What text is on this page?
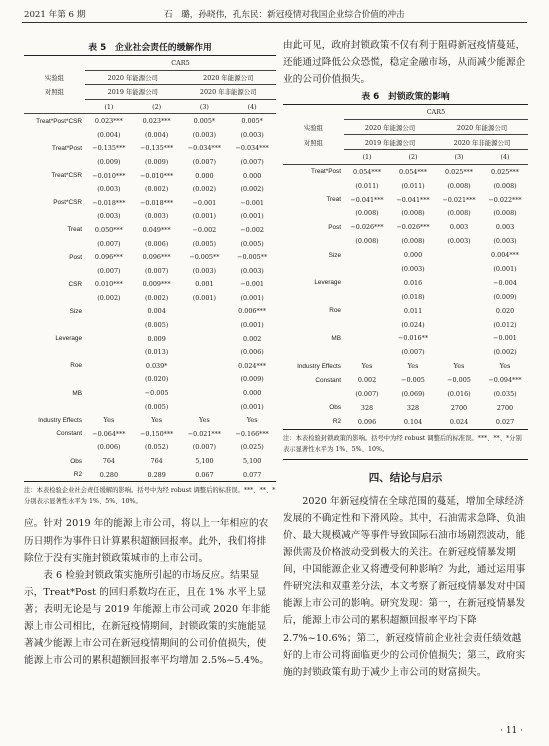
2021 年第 6 期	石　璐，孙晓伟，孔东民：新冠疫情对我国企业综合价值的冲击
表 5　企业社会责任的缓解作用
	CAR5			
实验组	2020 年能源公司		2020 年能源公司	
对照组	2019 年能源公司		2020 年非能源公司	
	(1)	(2)	(3)	(4)
Treat*Post*CSR	0.023***	0.023***	0.005*	0.005*
	(0.004)	(0.004)	(0.003)	(0.003)
Treat*Post	−0.135***	−0.135***	−0.034***	−0.034***
	(0.009)	(0.009)	(0.007)	(0.007)
Treat*CSR	−0.010***	−0.010***	0.000	0.000
	(0.003)	(0.002)	(0.002)	(0.002)
Post*CSR	−0.018***	−0.018***	−0.001	−0.001
	(0.003)	(0.003)	(0.001)	(0.001)
Treat	0.050***	0.049***	−0.002	−0.002
	(0.007)	(0.006)	(0.005)	(0.005)
Post	0.096***	0.096***	−0.005**	−0.005**
	(0.007)	(0.007)	(0.003)	(0.003)
CSR	0.010***	0.009***	0.001	−0.001
	(0.002)	(0.002)	(0.001)	(0.001)
Size		0.004		0.006***
		(0.005)		(0.001)
Leverage		0.009		0.002
		(0.013)		(0.006)
Roe		0.039*		0.024***
		(0.020)		(0.009)
MB		−0.005		0.000
		(0.005)		(0.001)
Industry Effects	Yes	Yes	Yes	Yes
Constant	−0.064***	−0.150***	−0.021***	−0.166***
	(0.006)	(0.052)	(0.007)	(0.025)
Obs	764	764	5,100	5,100
R2	0.280	0.289	0.067	0.077
注：本表检验企业社会责任缓解的影响。括号中为经 robust 调整后的标准误。***、**、*分别表示显著性水平为 1%、5%、10%。
应。针对 2019 年的能源上市公司，将以上一年相应的农历日期作为事件日计算累积超额回报率。此外，我们将排除位于没有实施封锁政策城市的上市公司。
表 6 检验封锁政策实施所引起的市场反应。结果显示，Treat*Post 的回归系数均在正，且在 1% 水平上显著；表明无论是与 2019 年能源上市公司或 2020 年非能源上市公司相比，在新冠疫情期间，封锁政策的实施能显著减少能源上市公司在新冠疫情期间的公司价值损失，使能源上市公司的累积超额回报率平均增加 2.5%~5.4%。
由此可见，政府封锁政策不仅有利于阻碍新冠疫情蔓延，还能通过降低公众恐慌，稳定金融市场，从而减少能源企业的公司价值损失。
表 6　封锁政策的影响
	CAR5			
实验组	2020 年能源公司		2020 年能源公司	
对照组	2019 年能源公司		2020 年非能源公司	
	(1)	(2)	(3)	(4)
Treat*Post	0.054***	0.054***	0.025***	0.025***
	(0.011)	(0.011)	(0.008)	(0.008)
Treat	−0.041***	−0.041***	−0.021***	−0.022***
	(0.008)	(0.008)	(0.008)	(0.008)
Post	−0.026***	−0.026***	0.003	0.003
	(0.008)	(0.008)	(0.003)	(0.003)
Size		0.000		0.004***
		(0.003)		(0.001)
Leverage		0.016		−0.004
		(0.018)		(0.009)
Roe		0.011		0.020
		(0.024)		(0.012)
MB		−0.016**		−0.001
		(0.007)		(0.002)
Industry Effects	Yes	Yes	Yes	Yes
Constant	0.002	−0.005	−0.005	−0.094***
	(0.007)	(0.069)	(0.016)	(0.035)
Obs	328	328	2700	2700
R2	0.096	0.104	0.024	0.027
注：本表检验封锁政策的影响。括号中为经 robust 调整后的标准误。***、**、*分别表示显著性水平为 1%、5%、10%。
四、结论与启示
2020 年新冠疫情在全球范围的蔓延，增加全球经济发展的不确定性和下滑风险。其中，石油需求急降、负油价、最大规模减产等事件导致国际石油市场剧烈波动，能源供需及价格波动受到极大的关注。在新冠疫情暴发期间，中国能源企业又将遭受何种影响？为此，通过运用事件研究法和双重差分法，本文考察了新冠疫情暴发对中国能源上市公司的影响。研究发现：第一，在新冠疫情暴发后，能源上市公司的累积超额回报率平均下降 2.7%~10.6%；第二，新冠疫情前企业社会责任绩效越好的上市公司将面临更少的公司价值损失；第三，政府实施的封锁政策有助于减少上市公司的财富损失。
· 11 ·
